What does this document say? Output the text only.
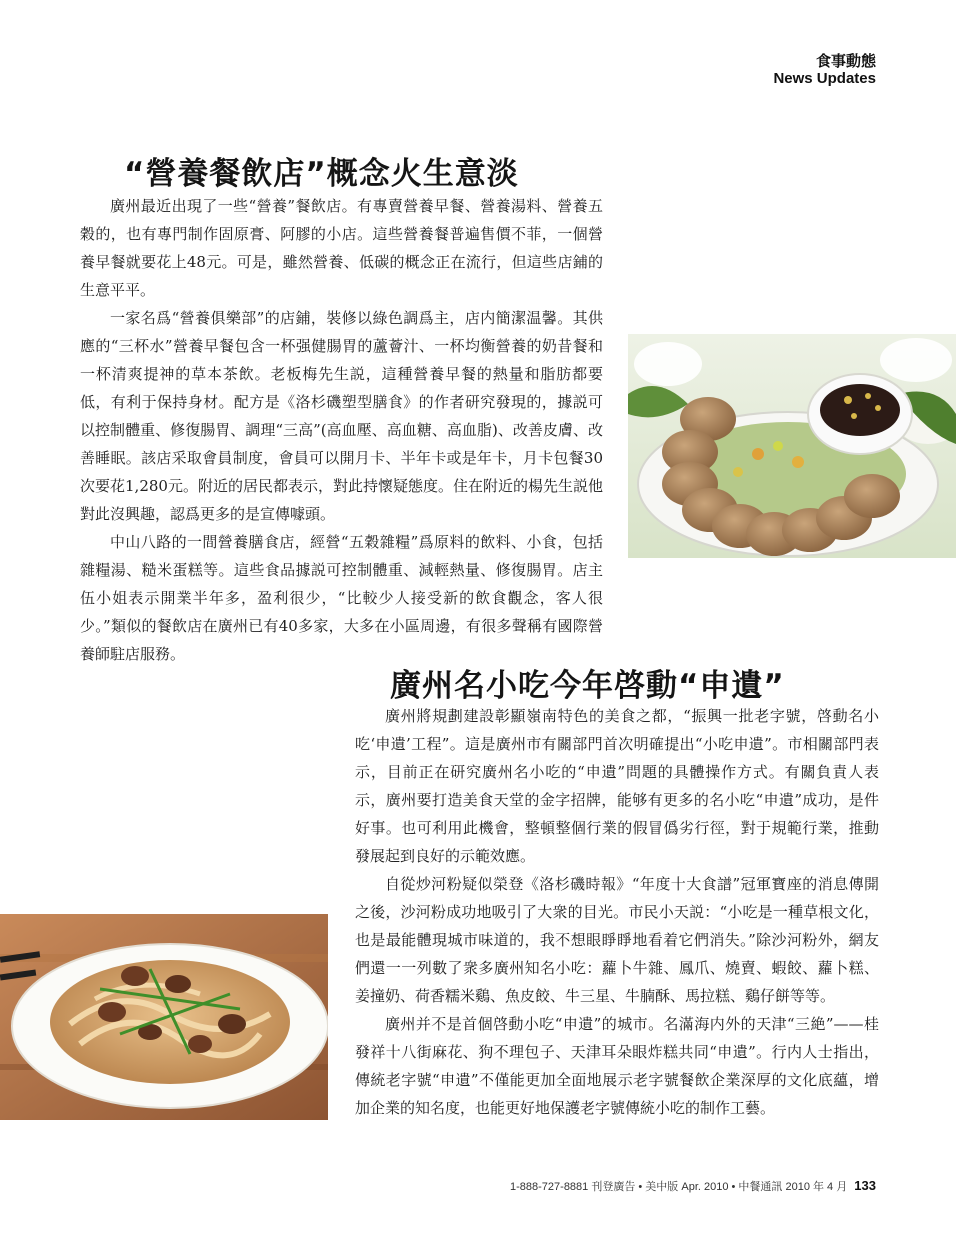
食事動態
News Updates
“營養餐飲店”概念火生意淡

廣州最近出現了一些“營養”餐飲店。有專賣營養早餐、營養湯料、營養五穀的，也有專門制作固原膏、阿膠的小店。這些營養餐普遍售價不菲，一個營養早餐就要花上48元。可是，雖然營養、低碳的概念正在流行，但這些店鋪的生意平平。

一家名爲“營養俱樂部”的店鋪，裝修以綠色調爲主，店内簡潔温馨。其供應的“三杯水”營養早餐包含一杯强健腸胃的蘆薈汁、一杯均衡營養的奶昔餐和一杯清爽提神的草本茶飲。老板梅先生説，這種營養早餐的熱量和脂肪都要低，有利于保持身材。配方是《洛杉磯塑型膳食》的作者研究發現的，據説可以控制體重、修復腸胃、調理“三高”(高血壓、高血糖、高血脂)、改善皮膚、改善睡眠。該店采取會員制度，會員可以開月卡、半年卡或是年卡，月卡包餐30次要花1,280元。附近的居民都表示，對此持懷疑態度。住在附近的楊先生説他對此沒興趣，認爲更多的是宣傳噱頭。

中山八路的一間營養膳食店，經營“五穀雜糧”爲原料的飲料、小食，包括雜糧湯、糙米蛋糕等。這些食品據説可控制體重、減輕熱量、修復腸胃。店主伍小姐表示開業半年多，盈利很少，“比較少人接受新的飲食觀念，客人很少。”類似的餐飲店在廣州已有40多家，大多在小區周邊，有很多聲稱有國際營養師駐店服務。

廣州名小吃今年啓動“申遺”

廣州將規劃建設彰顯嶺南特色的美食之都，“振興一批老字號，啓動名小吃‘申遺’工程”。這是廣州市有關部門首次明確提出“小吃申遺”。市相關部門表示，目前正在研究廣州名小吃的“申遺”問題的具體操作方式。有關負責人表示，廣州要打造美食天堂的金字招牌，能够有更多的名小吃“申遺”成功，是件好事。也可利用此機會，整頓整個行業的假冒僞劣行徑，對于規範行業，推動發展起到良好的示範效應。

自從炒河粉疑似榮登《洛杉磯時報》“年度十大食譜”冠軍寶座的消息傳開之後，沙河粉成功地吸引了大衆的目光。市民小天説：“小吃是一種草根文化，也是最能體現城市味道的，我不想眼睜睜地看着它們消失。”除沙河粉外，網友們還一一列數了衆多廣州知名小吃：蘿卜牛雜、鳳爪、燒賣、蝦餃、蘿卜糕、姜撞奶、荷香糯米鷄、魚皮餃、牛三星、牛腩酥、馬拉糕、鷄仔餅等等。

廣州并不是首個啓動小吃“申遺”的城市。名滿海内外的天津“三絶”——桂發祥十八街麻花、狗不理包子、天津耳朵眼炸糕共同“申遺”。行内人士指出，傳統老字號“申遺”不僅能更加全面地展示老字號餐飲企業深厚的文化底蘊，增加企業的知名度，也能更好地保護老字號傳統小吃的制作工藝。

1-888-727-8881 刊登廣告 • 美中版 Apr. 2010 • 中餐通訊 2010 年 4 月 133
